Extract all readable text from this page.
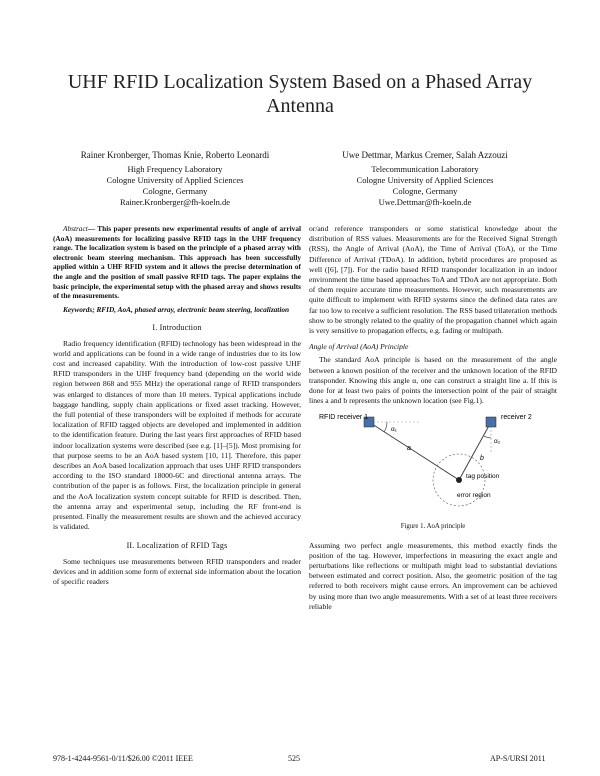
UHF RFID Localization System Based on a Phased Array Antenna
Rainer Kronberger, Thomas Knie, Roberto Leonardi
High Frequency Laboratory
Cologne University of Applied Sciences
Cologne, Germany
Rainer.Kronberger@fh-koeln.de
Uwe Dettmar, Markus Cremer, Salah Azzouzi
Telecommunication Laboratory
Cologne University of Applied Sciences
Cologne, Germany
Uwe.Dettmar@fh-koeln.de

Abstract— This paper presents new experimental results of angle of arrival (AoA) measurements for localizing passive RFID tags in the UHF frequency range. The localization system is based on the principle of a phased array with electronic beam steering mechanism. This approach has been successfully applied within a UHF RFID system and it allows the precise determination of the angle and the position of small passive RFID tags. The paper explains the basic principle, the experimental setup with the phased array and shows results of the measurements.

Keywords; RFID, AoA, phased array, electronic beam steering, localization

I. Introduction

Radio frequency identification (RFID) technology has been widespread in the world and applications can be found in a wide range of industries due to its low cost and increased capability. With the introduction of low-cost passive UHF RFID transponders in the UHF frequency band (depending on the world wide region between 868 and 955 MHz) the operational range of RFID transponders was enlarged to distances of more than 10 meters. Typical applications include baggage handling, supply chain applications or fixed asset tracking. However, the full potential of these transponders will be exploited if methods for accurate localization of RFID tagged objects are developed and implemented in addition to the identification feature. During the last years first approaches of RFID based indoor localization systems were described (see e.g. [1]–[5]). Most promising for that purpose seems to be an AoA based system [10, 11]. Therefore, this paper describes an AoA based localization approach that uses UHF RFID transponders according to the ISO standard 18000-6C and directional antenna arrays. The contribution of the paper is as follows. First, the localization principle in general and the AoA localization system concept suitable for RFID is described. Then, the antenna array and experimental setup, including the RF front-end is presented. Finally the measurement results are shown and the achieved accuracy is validated.

II. Localization of RFID Tags

Some techniques use measurements between RFID transponders and reader devices and in addition some form of external side information about the location of specific readers

or/and reference transponders or some statistical knowledge about the distribution of RSS values. Measurements are for the Received Signal Strength (RSS), the Angle of Arrival (AoA), the Time of Arrival (ToA), or the Time Difference of Arrival (TDoA). In addition, hybrid procedures are proposed as well ([6], [7]). For the radio based RFID transponder localization in an indoor environment the time based approaches ToA and TDoA are not appropriate. Both of them require accurate time measurements. However, such measurements are quite difficult to implement with RFID systems since the defined data rates are far too low to receive a sufficient resolution. The RSS based trilateration methods show to be strongly related to the quality of the propagation channel which again is very sensitive to propagation effects, e.g. fading or multipath.

Angle of Arrival (AoA) Principle

The standard AoA principle is based on the measurement of the angle between a known position of the receiver and the unknown location of the RFID transponder. Knowing this angle α, one can construct a straight line a. If this is done for at least two pairs of points the intersection point of the pair of straight lines a and b represents the unknown location (see Fig.1).

RFID receiver 1	receiver 2
α₁
α₂
a
b
tag position
error region
Figure 1. AoA principle

Assuming two perfect angle measurements, this method exactly finds the position of the tag. However, imperfections in measuring the exact angle and perturbations like reflections or multipath might lead to substantial deviations between estimated and correct position. Also, the geometric position of the tag referred to both receivers might cause errors. An improvement can be achieved by using more than two angle measurements. With a set of at least three receivers reliable

978-1-4244-9561-0/11/$26.00 ©2011 IEEE	525	AP-S/URSI 2011
